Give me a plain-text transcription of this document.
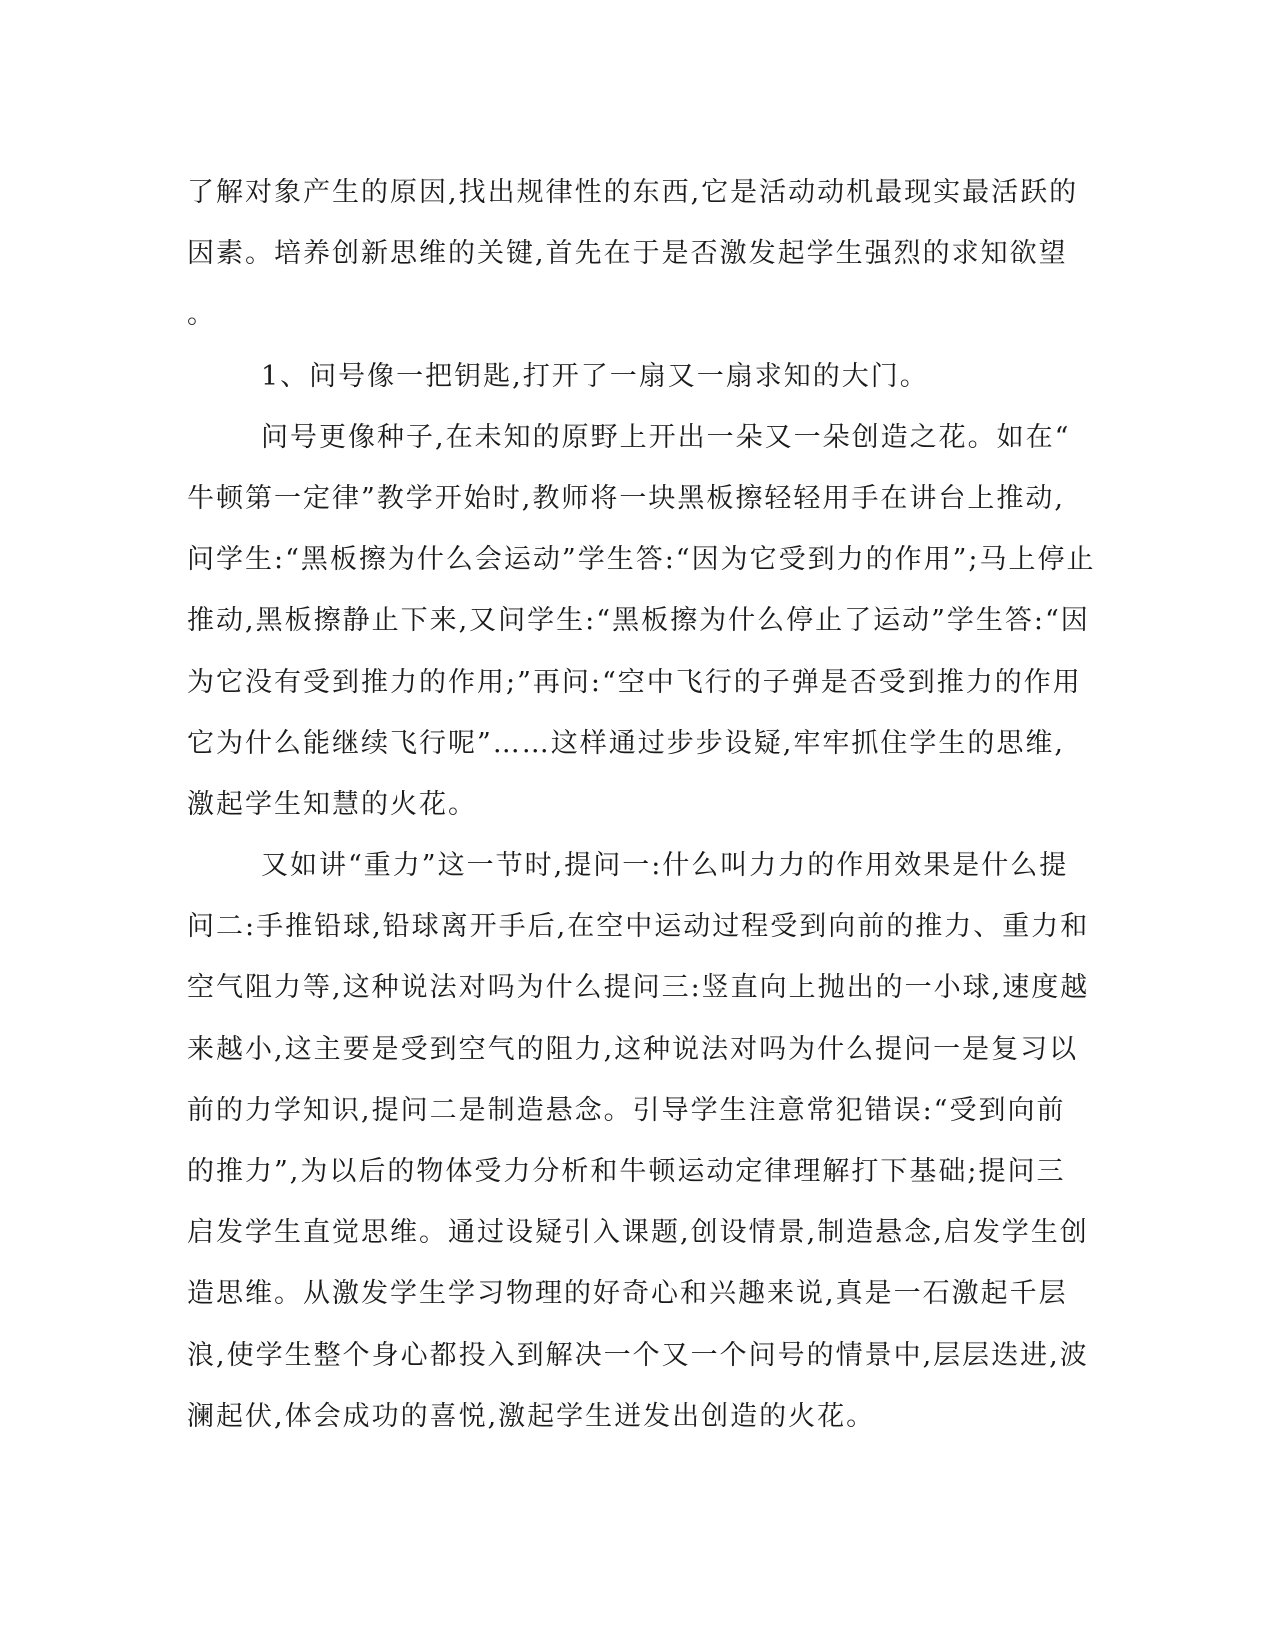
了解对象产生的原因,找出规律性的东西,它是活动动机最现实最活跃的
因素。培养创新思维的关键,首先在于是否激发起学生强烈的求知欲望
。
1、问号像一把钥匙,打开了一扇又一扇求知的大门。
问号更像种子,在未知的原野上开出一朵又一朵创造之花。如在“
牛顿第一定律”教学开始时,教师将一块黑板擦轻轻用手在讲台上推动,
问学生:“黑板擦为什么会运动”学生答:“因为它受到力的作用”;马上停止
推动,黑板擦静止下来,又问学生:“黑板擦为什么停止了运动”学生答:“因
为它没有受到推力的作用;”再问:“空中飞行的子弹是否受到推力的作用
它为什么能继续飞行呢”……这样通过步步设疑,牢牢抓住学生的思维,
激起学生知慧的火花。
又如讲“重力”这一节时,提问一:什么叫力力的作用效果是什么提
问二:手推铅球,铅球离开手后,在空中运动过程受到向前的推力、重力和
空气阻力等,这种说法对吗为什么提问三:竖直向上抛出的一小球,速度越
来越小,这主要是受到空气的阻力,这种说法对吗为什么提问一是复习以
前的力学知识,提问二是制造悬念。引导学生注意常犯错误:“受到向前
的推力”,为以后的物体受力分析和牛顿运动定律理解打下基础;提问三
启发学生直觉思维。通过设疑引入课题,创设情景,制造悬念,启发学生创
造思维。从激发学生学习物理的好奇心和兴趣来说,真是一石激起千层
浪,使学生整个身心都投入到解决一个又一个问号的情景中,层层迭进,波
澜起伏,体会成功的喜悦,激起学生迸发出创造的火花。
